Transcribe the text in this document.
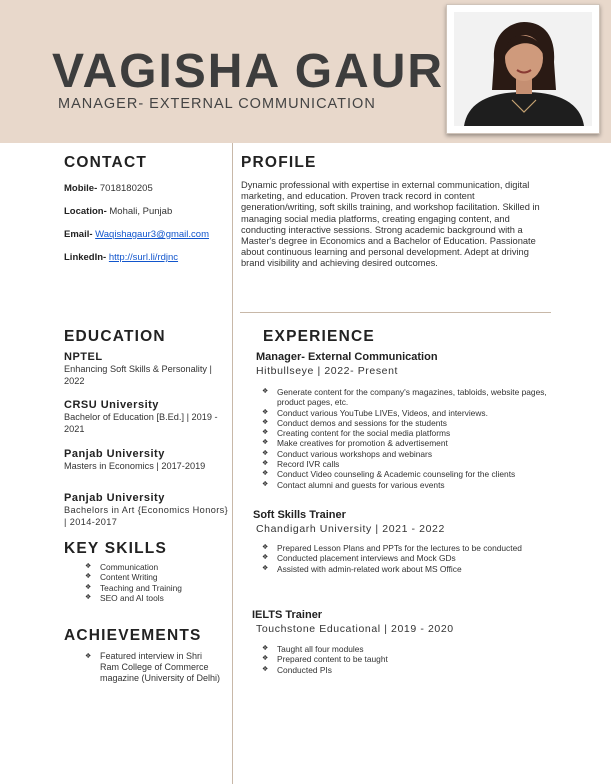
VAGISHA GAUR
MANAGER- EXTERNAL COMMUNICATION
CONTACT
Mobile- 7018180205
Location- Mohali, Punjab
Email- Waqishagaur3@gmail.com
LinkedIn- http://surl.li/rdjnc
PROFILE
Dynamic professional with expertise in external communication, digital marketing, and education. Proven track record in content generation/writing, soft skills training, and workshop facilitation. Skilled in managing social media platforms, creating engaging content, and conducting interactive sessions. Strong academic background with a Master's degree in Economics and a Bachelor of Education. Passionate about continuous learning and personal development. Adept at driving brand visibility and achieving desired outcomes.
EDUCATION
NPTEL
Enhancing Soft Skills & Personality | 2022
CRSU University
Bachelor of Education [B.Ed.] | 2019 - 2021
Panjab University
Masters in Economics | 2017-2019
Panjab University
Bachelors in Art {Economics Honors} | 2014-2017
KEY SKILLS
❖ Communication
❖ Content Writing
❖ Teaching and Training
❖ SEO and AI tools
ACHIEVEMENTS
❖ Featured interview in Shri Ram College of Commerce magazine (University of Delhi)
EXPERIENCE
Manager- External Communication
Hitbullseye | 2022- Present
❖ Generate content for the company's magazines, tabloids, website pages, product pages, etc.
❖ Conduct various YouTube LIVEs, Videos, and interviews.
❖ Conduct demos and sessions for the students
❖ Creating content for the social media platforms
❖ Make creatives for promotion & advertisement
❖ Conduct various workshops and webinars
❖ Record IVR calls
❖ Conduct Video counseling & Academic counseling for the clients
❖ Contact alumni and guests for various events
Soft Skills Trainer
Chandigarh University | 2021 - 2022
❖ Prepared Lesson Plans and PPTs for the lectures to be conducted
❖ Conducted placement interviews and Mock GDs
❖ Assisted with admin-related work about MS Office
IELTS Trainer
Touchstone Educational | 2019 - 2020
❖ Taught all four modules
❖ Prepared content to be taught
❖ Conducted PIs
